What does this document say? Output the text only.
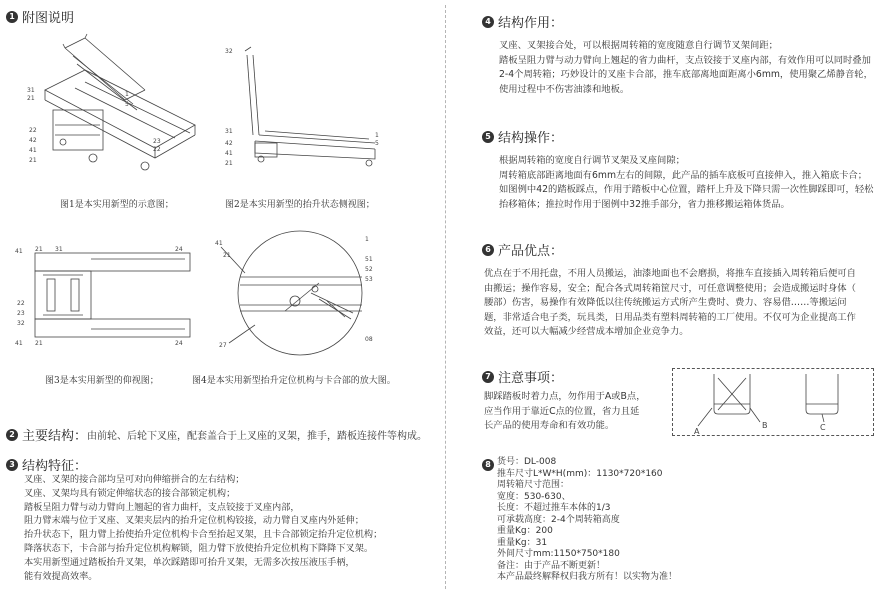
1 附图说明
31
21
22
42
41
21
23
22
1
5
图1是本实用新型的示意图；
32
31
42
41
21
1
5
图2是本实用新型的抬升状态侧视图；
41 21 31	24
22
23
32
41 21	24
图3是本实用新型的仰视图；
41
21
1
51
52
53
27
08
图4是本实用新型抬升定位机构与卡合部的放大图。
2 主要结构：由前轮、后轮下叉座，配套盖合于上叉座的叉架，推手，踏板连接件等构成。
3 结构特征：
叉座、叉架的接合部均呈可对向伸缩拼合的左右结构；
叉座、叉架均具有锁定伸缩状态的接合部锁定机构；
踏板呈阻力臂与动力臂向上翘起的省力曲杆，支点铰接于叉座内部，
阻力臂末端与位于叉座、叉架夹层内的抬升定位机构铰接，动力臂自叉座内外延伸；
抬升状态下，阻力臂上抬使抬升定位机构卡合至抬起叉架，且卡合部锁定抬升定位机构；
降落状态下，卡合部与抬升定位机构解锁，阻力臂下放使抬升定位机构下降降下叉架。
本实用新型通过踏板抬升叉架，单次踩踏即可抬升叉架，无需多次按压液压手柄，
能有效提高效率。
4 结构作用：
叉座、叉架接合处，可以根据周转箱的宽度随意自行调节叉架间距；
踏板呈阻力臂与动力臂向上翘起的省力曲杆，支点铰接于叉座内部，有效作用可以同时叠加
2-4个周转箱；巧妙设计的叉座卡合部，推车底部离地面距离小6mm，使用聚乙烯静音轮，
使用过程中不伤害油漆和地板。
5 结构操作：
根据周转箱的宽度自行调节叉架及叉座间隙；
周转箱底部距离地面有6mm左右的间隙，此产品的插车底板可直接伸入，推入箱底卡合；
如图例中42的踏板踩点，作用于踏板中心位置，踏杆上升及下降只需一次性脚踩即可，轻松
抬移箱体；推拉时作用于图例中32推手部分，省力推移搬运箱体货品。
6 产品优点：
优点在于不用托盘，不用人员搬运，油漆地面也不会磨损，将推车直接插入周转箱后便可自
由搬运；操作容易，安全；配合各式周转箱筐尺寸，可任意调整使用；会造成搬运时身体（
腰部）伤害，易操作有效降低以往传统搬运方式所产生费时、费力、容易借……等搬运问
题，非常适合电子类，玩具类，日用品类有塑料周转箱的工厂使用。不仅可为企业提高工作
效益，还可以大幅减少经营成本增加企业竞争力。
7 注意事项：
脚踩踏板时着力点，勿作用于A或B点，
应当作用于靠近C点的位置，省力且延
长产品的使用寿命和有效功能。
A
B	C
8 货号：DL-008
推车尺寸L*W*H(mm)：1130*720*160
周转箱尺寸范围：
宽度：530-630、
长度：不超过推车本体的1/3
可承载高度：2-4个周转箱高度
重量Kg：200
重量Kg：31
外间尺寸mm:1150*750*180
备注：由于产品不断更新！
本产品最终解释权归我方所有！以实物为准！
